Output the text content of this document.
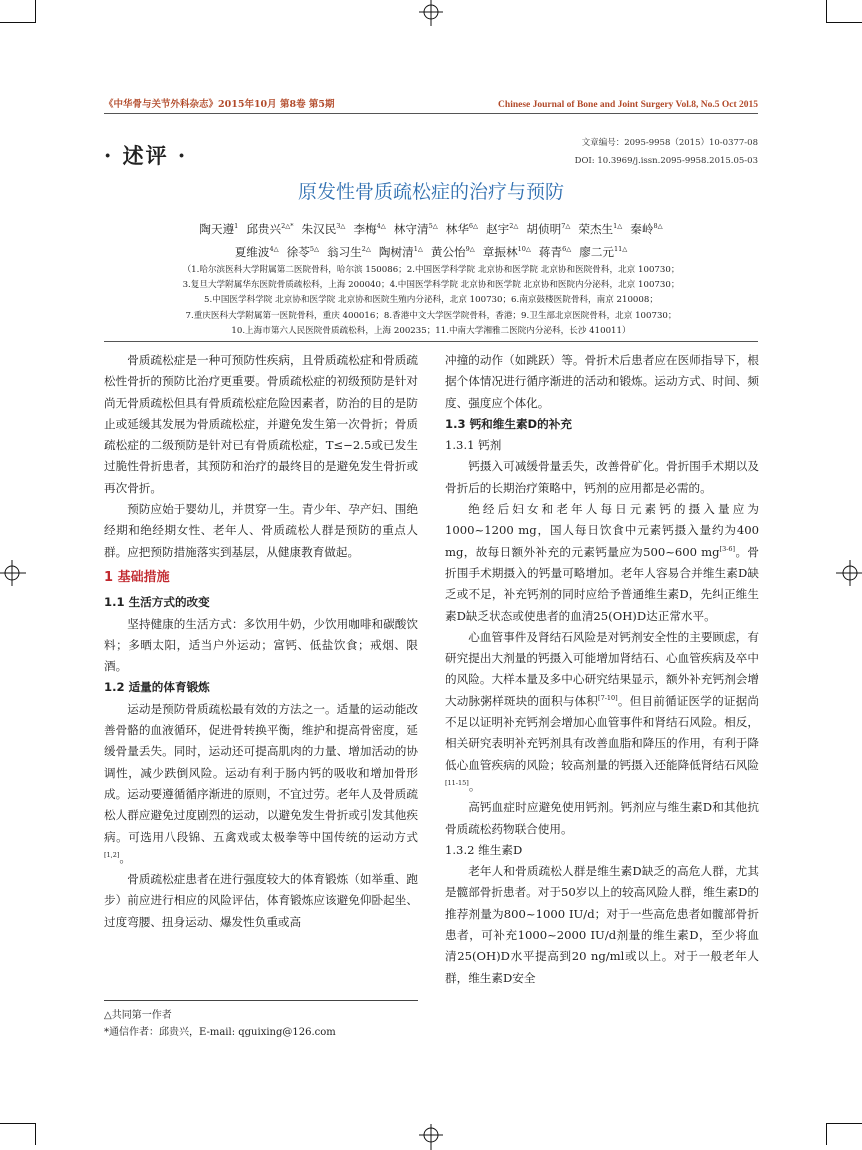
《中华骨与关节外科杂志》2015年10月 第8卷 第5期	Chinese Journal of Bone and Joint Surgery Vol.8, No.5 Oct 2015
文章编号：2095-9958（2015）10-0377-08
DOI: 10.3969/j.issn.2095-9958.2015.05-03
· 述评 ·
原发性骨质疏松症的治疗与预防
陶天遵$^1$ 邱贵兴$^{2\triangle*}$ 朱汉民$^{3\triangle}$ 李梅$^{4\triangle}$ 林守清$^{5\triangle}$ 林华$^{6\triangle}$ 赵宇$^{2\triangle}$ 胡侦明$^{7\triangle}$ 荣杰生$^{1\triangle}$ 秦岭$^{8\triangle}$
夏维波$^{4\triangle}$ 徐苓$^{5\triangle}$ 翁习生$^{2\triangle}$ 陶树清$^{1\triangle}$ 黄公怡$^{9\triangle}$ 章振林$^{10\triangle}$ 蒋青$^{6\triangle}$ 廖二元$^{11\triangle}$
（1.哈尔滨医科大学附属第二医院骨科，哈尔滨 150086；2.中国医学科学院 北京协和医学院 北京协和医院骨科，北京 100730；
3.复旦大学附属华东医院骨质疏松科，上海 200040；4.中国医学科学院 北京协和医学院 北京协和医院内分泌科，北京 100730；
5.中国医学科学院 北京协和医学院 北京协和医院生殖内分泌科，北京 100730；6.南京鼓楼医院骨科，南京 210008；
7.重庆医科大学附属第一医院骨科，重庆 400016；8.香港中文大学医学院骨科，香港；9.卫生部北京医院骨科，北京 100730；
10.上海市第六人民医院骨质疏松科，上海 200235；11.中南大学湘雅二医院内分泌科，长沙 410011）

骨质疏松症是一种可预防性疾病，且骨质疏松症和骨质疏松性骨折的预防比治疗更重要。骨质疏松症的初级预防是针对尚无骨质疏松但具有骨质疏松症危险因素者，防治的目的是防止或延缓其发展为骨质疏松症，并避免发生第一次骨折；骨质疏松症的二级预防是针对已有骨质疏松症，T≤−2.5或已发生过脆性骨折患者，其预防和治疗的最终目的是避免发生骨折或再次骨折。

预防应始于婴幼儿，并贯穿一生。青少年、孕产妇、围绝经期和绝经期女性、老年人、骨质疏松人群是预防的重点人群。应把预防措施落实到基层，从健康教育做起。

1 基础措施
1.1 生活方式的改变

坚持健康的生活方式：多饮用牛奶，少饮用咖啡和碳酸饮料；多晒太阳，适当户外运动；富钙、低盐饮食；戒烟、限酒。

1.2 适量的体育锻炼

运动是预防骨质疏松最有效的方法之一。适量的运动能改善骨骼的血液循环，促进骨转换平衡，维护和提高骨密度，延缓骨量丢失。同时，运动还可提高肌肉的力量、增加活动的协调性，减少跌倒风险。运动有利于肠内钙的吸收和增加骨形成。运动要遵循循序渐进的原则，不宜过劳。老年人及骨质疏松人群应避免过度剧烈的运动，以避免发生骨折或引发其他疾病。可选用八段锦、五禽戏或太极拳等中国传统的运动方式[1,2]。

骨质疏松症患者在进行强度较大的体育锻炼（如举重、跑步）前应进行相应的风险评估，体育锻炼应该避免仰卧起坐、过度弯腰、扭身运动、爆发性负重或高

△共同第一作者
*通信作者：邱贵兴，E-mail: qguixing@126.com

冲撞的动作（如跳跃）等。骨折术后患者应在医师指导下，根据个体情况进行循序渐进的活动和锻炼。运动方式、时间、频度、强度应个体化。

1.3 钙和维生素D的补充
1.3.1 钙剂

钙摄入可减缓骨量丢失，改善骨矿化。骨折围手术期以及骨折后的长期治疗策略中，钙剂的应用都是必需的。

绝经后妇女和老年人每日元素钙的摄入量应为1000~1200 mg，国人每日饮食中元素钙摄入量约为400 mg，故每日额外补充的元素钙量应为500~600 mg[3-6]。骨折围手术期摄入的钙量可略增加。老年人容易合并维生素D缺乏或不足，补充钙剂的同时应给予普通维生素D，先纠正维生素D缺乏状态或使患者的血清25(OH)D达正常水平。

心血管事件及肾结石风险是对钙剂安全性的主要顾虑，有研究提出大剂量的钙摄入可能增加肾结石、心血管疾病及卒中的风险。大样本量及多中心研究结果显示，额外补充钙剂会增大动脉粥样斑块的面积与体积[7-10]。但目前循证医学的证据尚不足以证明补充钙剂会增加心血管事件和肾结石风险。相反，相关研究表明补充钙剂具有改善血脂和降压的作用，有利于降低心血管疾病的风险；较高剂量的钙摄入还能降低肾结石风险[11-15]。

高钙血症时应避免使用钙剂。钙剂应与维生素D和其他抗骨质疏松药物联合使用。

1.3.2 维生素D

老年人和骨质疏松人群是维生素D缺乏的高危人群，尤其是髋部骨折患者。对于50岁以上的较高风险人群，维生素D的推荐剂量为800~1000 IU/d；对于一些高危患者如髋部骨折患者，可补充1000~2000 IU/d剂量的维生素D，至少将血清25(OH)D水平提高到20 ng/ml或以上。对于一般老年人群，维生素D安全
